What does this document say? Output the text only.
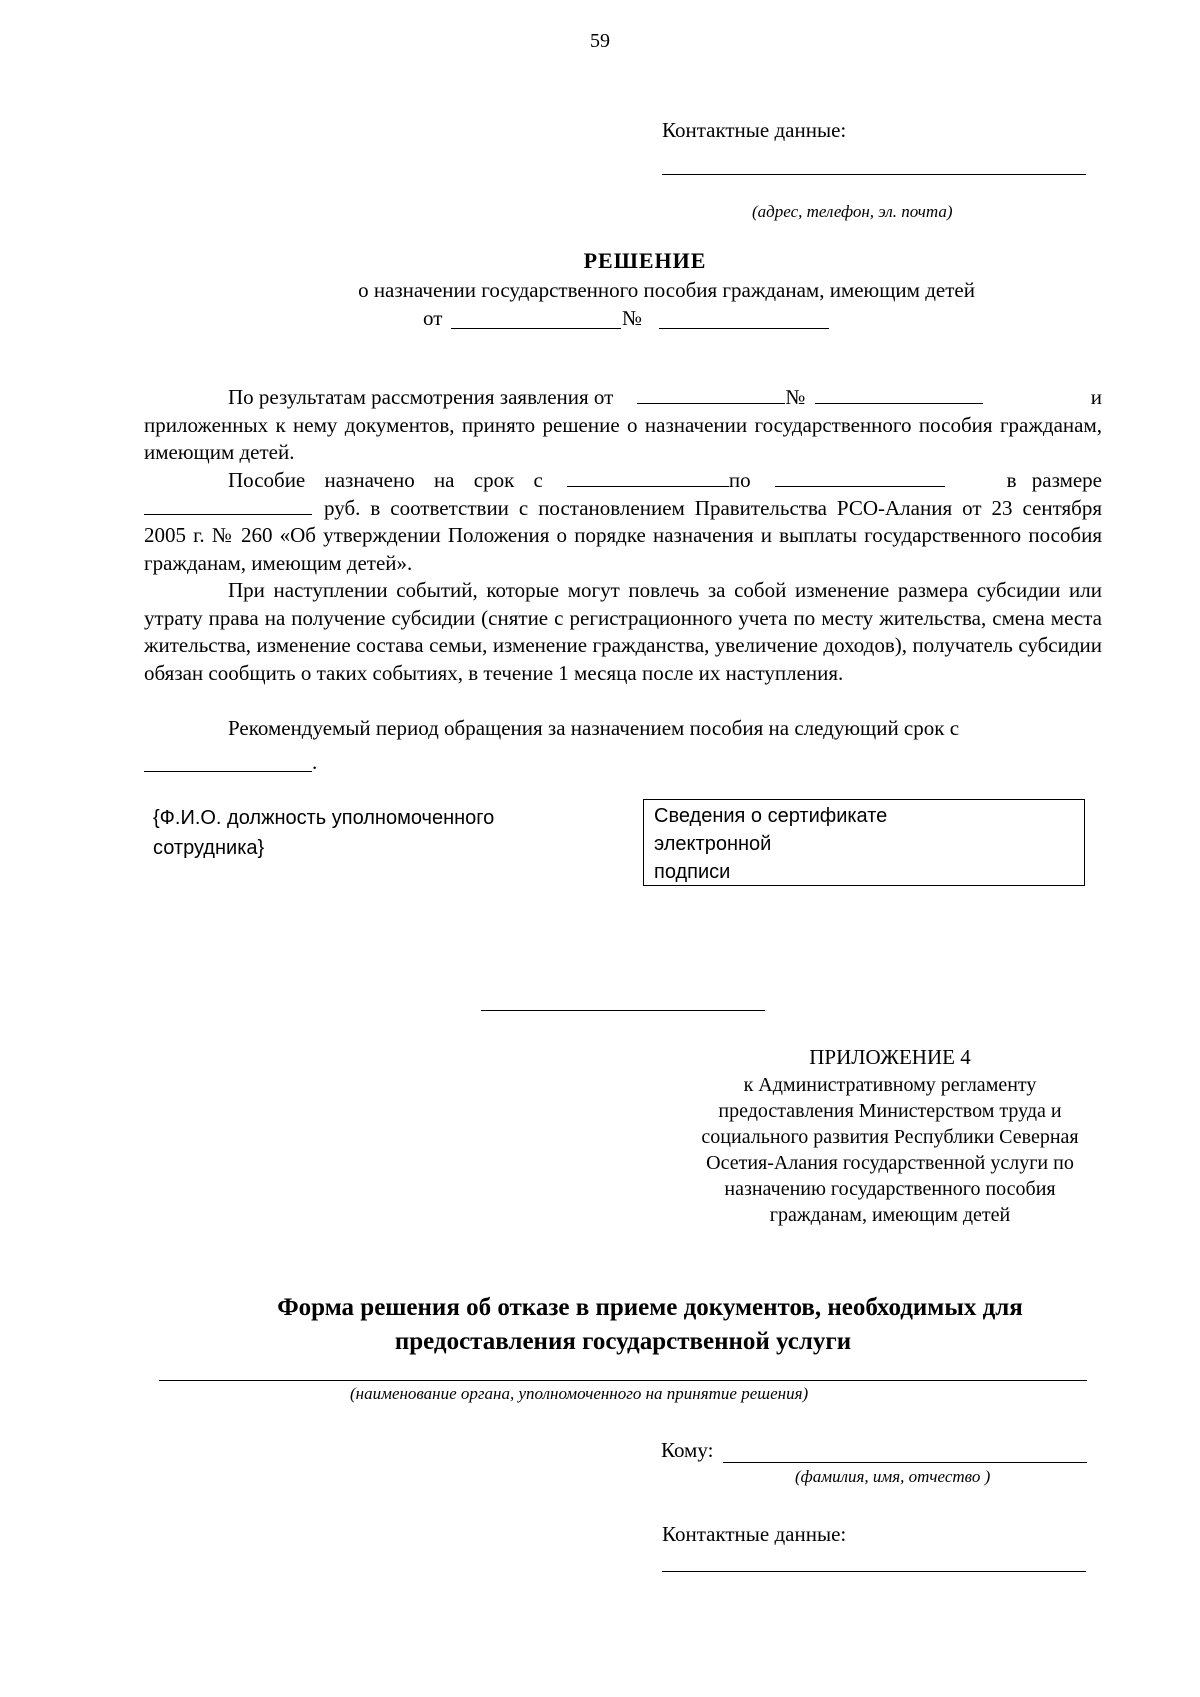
59
Контактные данные:
(адрес, телефон, эл. почта)
РЕШЕНИЕ
о назначении государственного пособия гражданам, имеющим детей
от	№
По результатам рассмотрения заявления от	№	и
приложенных к нему документов, принято решение о назначении государственного пособия гражданам, имеющим детей.
Пособие назначено на срок с	по	в размере
руб. в соответствии с постановлением Правительства РСО-Алания от 23 сентября 2005 г. № 260 «Об утверждении Положения о порядке назначения и выплаты государственного пособия гражданам, имеющим детей».
При наступлении событий, которые могут повлечь за собой изменение размера субсидии или утрату права на получение субсидии (снятие с регистрационного учета по месту жительства, смена места жительства, изменение состава семьи, изменение гражданства, увеличение доходов), получатель субсидии обязан сообщить о таких событиях, в течение 1 месяца после их наступления.
Рекомендуемый период обращения за назначением пособия на следующий срок с
.
{Ф.И.О. должность уполномоченного
сотрудника}
Сведения о сертификате
электронной
подписи
ПРИЛОЖЕНИЕ 4
к Административному регламенту
предоставления Министерством труда и
социального развития Республики Северная
Осетия-Алания государственной услуги по
назначению государственного пособия
гражданам, имеющим детей
Форма решения об отказе в приеме документов, необходимых для
предоставления государственной услуги
(наименование органа, уполномоченного на принятие решения)
Кому:
(фамилия, имя, отчество )
Контактные данные:
